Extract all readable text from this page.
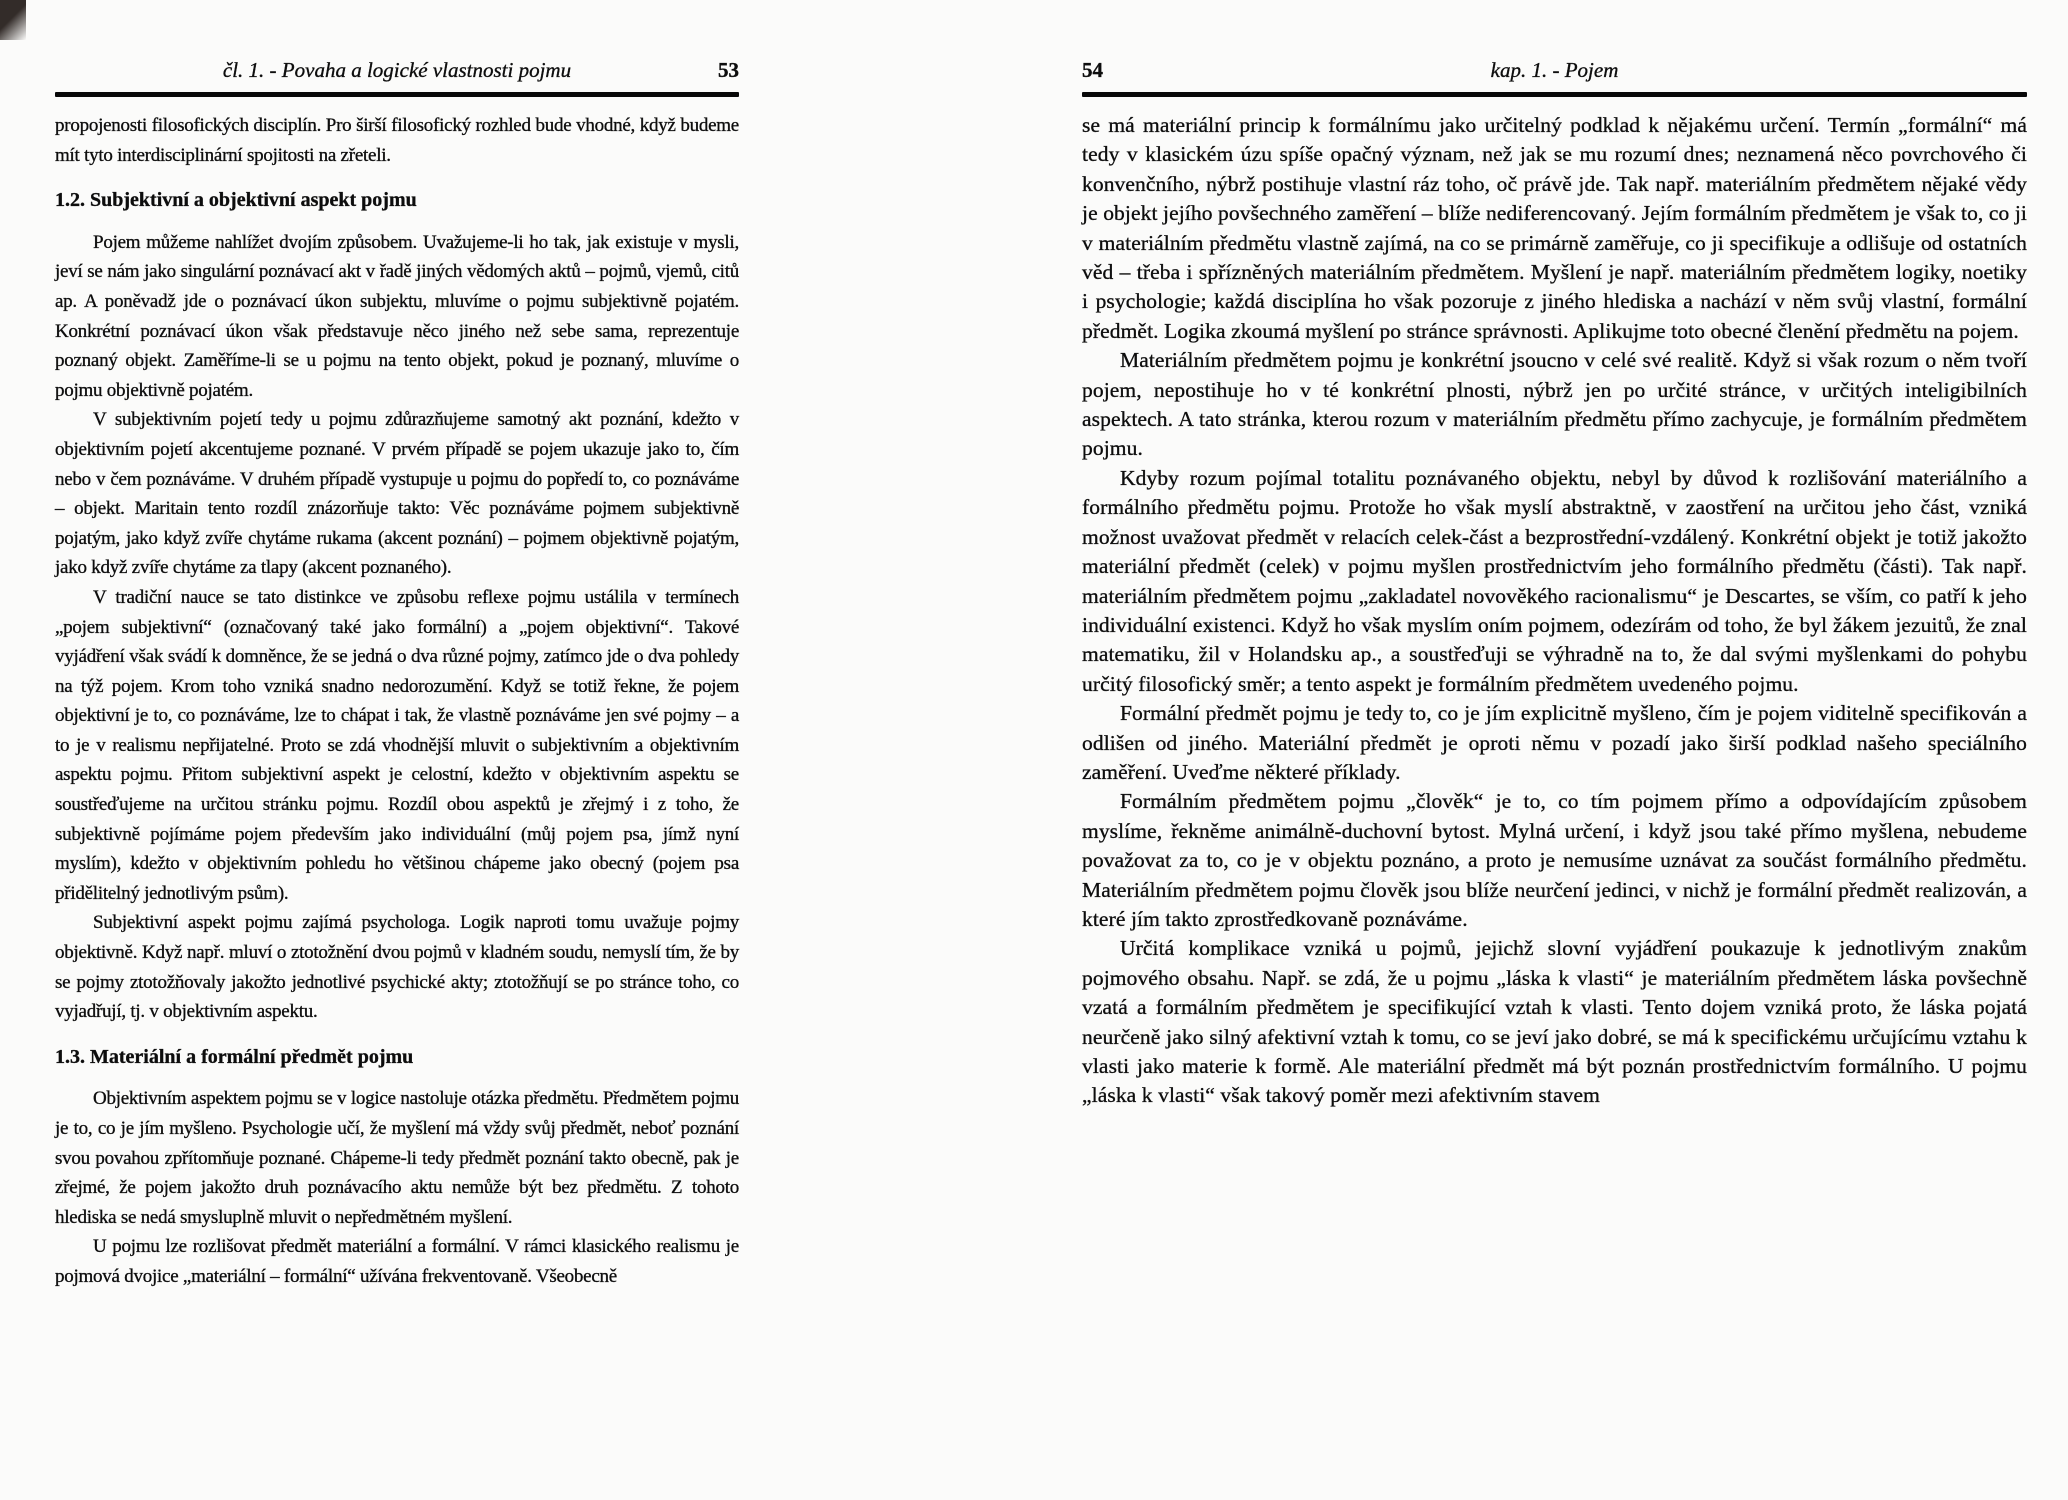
čl. 1. - Povaha a logické vlastnosti pojmu	53

propojenosti filosofických disciplín. Pro širší filosofický rozhled bude vhodné, když budeme mít tyto interdisciplinární spojitosti na zřeteli.

1.2. Subjektivní a objektivní aspekt pojmu

Pojem můžeme nahlížet dvojím způsobem. Uvažujeme-li ho tak, jak existuje v mysli, jeví se nám jako singulární poznávací akt v řadě jiných vědomých aktů – pojmů, vjemů, citů ap. A poněvadž jde o poznávací úkon subjektu, mluvíme o pojmu subjektivně pojatém. Konkrétní poznávací úkon však představuje něco jiného než sebe sama, reprezentuje poznaný objekt. Zaměříme-li se u pojmu na tento objekt, pokud je poznaný, mluvíme o pojmu objektivně pojatém.

V subjektivním pojetí tedy u pojmu zdůrazňujeme samotný akt poznání, kdežto v objektivním pojetí akcentujeme poznané. V prvém případě se pojem ukazuje jako to, čím nebo v čem poznáváme. V druhém případě vystupuje u pojmu do popředí to, co poznáváme – objekt. Maritain tento rozdíl znázorňuje takto: Věc poznáváme pojmem subjektivně pojatým, jako když zvíře chytáme rukama (akcent poznání) – pojmem objektivně pojatým, jako když zvíře chytáme za tlapy (akcent poznaného).

V tradiční nauce se tato distinkce ve způsobu reflexe pojmu ustálila v termínech „pojem subjektivní“ (označovaný také jako formální) a „pojem objektivní“. Takové vyjádření však svádí k domněnce, že se jedná o dva různé pojmy, zatímco jde o dva pohledy na týž pojem. Krom toho vzniká snadno nedorozumění. Když se totiž řekne, že pojem objektivní je to, co poznáváme, lze to chápat i tak, že vlastně poznáváme jen své pojmy – a to je v realismu nepřijatelné. Proto se zdá vhodnější mluvit o subjektivním a objektivním aspektu pojmu. Přitom subjektivní aspekt je celostní, kdežto v objektivním aspektu se soustřeďujeme na určitou stránku pojmu. Rozdíl obou aspektů je zřejmý i z toho, že subjektivně pojímáme pojem především jako individuální (můj pojem psa, jímž nyní myslím), kdežto v objektivním pohledu ho většinou chápeme jako obecný (pojem psa přidělitelný jednotlivým psům).

Subjektivní aspekt pojmu zajímá psychologa. Logik naproti tomu uvažuje pojmy objektivně. Když např. mluví o ztotožnění dvou pojmů v kladném soudu, nemyslí tím, že by se pojmy ztotožňovaly jakožto jednotlivé psychické akty; ztotožňují se po stránce toho, co vyjadřují, tj. v objektivním aspektu.

1.3. Materiální a formální předmět pojmu

Objektivním aspektem pojmu se v logice nastoluje otázka předmětu. Předmětem pojmu je to, co je jím myšleno. Psychologie učí, že myšlení má vždy svůj předmět, neboť poznání svou povahou zpřítomňuje poznané. Chápeme-li tedy předmět poznání takto obecně, pak je zřejmé, že pojem jakožto druh poznávacího aktu nemůže být bez předmětu. Z tohoto hlediska se nedá smysluplně mluvit o nepředmětném myšlení.

U pojmu lze rozlišovat předmět materiální a formální. V rámci klasického realismu je pojmová dvojice „materiální – formální“ užívána frekventovaně. Všeobecně

54	kap. 1. - Pojem

se má materiální princip k formálnímu jako určitelný podklad k nějakému určení. Termín „formální“ má tedy v klasickém úzu spíše opačný význam, než jak se mu rozumí dnes; neznamená něco povrchového či konvenčního, nýbrž postihuje vlastní ráz toho, oč právě jde. Tak např. materiálním předmětem nějaké vědy je objekt jejího povšechného zaměření – blíže nediferencovaný. Jejím formálním předmětem je však to, co ji v materiálním předmětu vlastně zajímá, na co se primárně zaměřuje, co ji specifikuje a odlišuje od ostatních věd – třeba i spřízněných materiálním předmětem. Myšlení je např. materiálním předmětem logiky, noetiky i psychologie; každá disciplína ho však pozoruje z jiného hlediska a nachází v něm svůj vlastní, formální předmět. Logika zkoumá myšlení po stránce správnosti. Aplikujme toto obecné členění předmětu na pojem.

Materiálním předmětem pojmu je konkrétní jsoucno v celé své realitě. Když si však rozum o něm tvoří pojem, nepostihuje ho v té konkrétní plnosti, nýbrž jen po určité stránce, v určitých inteligibilních aspektech. A tato stránka, kterou rozum v materiálním předmětu přímo zachycuje, je formálním předmětem pojmu.

Kdyby rozum pojímal totalitu poznávaného objektu, nebyl by důvod k rozlišování materiálního a formálního předmětu pojmu. Protože ho však myslí abstraktně, v zaostření na určitou jeho část, vzniká možnost uvažovat předmět v relacích celek-část a bezprostřední-vzdálený. Konkrétní objekt je totiž jakožto materiální předmět (celek) v pojmu myšlen prostřednictvím jeho formálního předmětu (části). Tak např. materiálním předmětem pojmu „zakladatel novověkého racionalismu“ je Descartes, se vším, co patří k jeho individuální existenci. Když ho však myslím oním pojmem, odezírám od toho, že byl žákem jezuitů, že znal matematiku, žil v Holandsku ap., a soustřeďuji se výhradně na to, že dal svými myšlenkami do pohybu určitý filosofický směr; a tento aspekt je formálním předmětem uvedeného pojmu.

Formální předmět pojmu je tedy to, co je jím explicitně myšleno, čím je pojem viditelně specifikován a odlišen od jiného. Materiální předmět je oproti němu v pozadí jako širší podklad našeho speciálního zaměření. Uveďme některé příklady.

Formálním předmětem pojmu „člověk“ je to, co tím pojmem přímo a odpovídajícím způsobem myslíme, řekněme animálně-duchovní bytost. Mylná určení, i když jsou také přímo myšlena, nebudeme považovat za to, co je v objektu poznáno, a proto je nemusíme uznávat za součást formálního předmětu. Materiálním předmětem pojmu člověk jsou blíže neurčení jedinci, v nichž je formální předmět realizován, a které jím takto zprostředkovaně poznáváme.

Určitá komplikace vzniká u pojmů, jejichž slovní vyjádření poukazuje k jednotlivým znakům pojmového obsahu. Např. se zdá, že u pojmu „láska k vlasti“ je materiálním předmětem láska povšechně vzatá a formálním předmětem je specifikující vztah k vlasti. Tento dojem vzniká proto, že láska pojatá neurčeně jako silný afektivní vztah k tomu, co se jeví jako dobré, se má k specifickému určujícímu vztahu k vlasti jako materie k formě. Ale materiální předmět má být poznán prostřednictvím formálního. U pojmu „láska k vlasti“ však takový poměr mezi afektivním stavem
